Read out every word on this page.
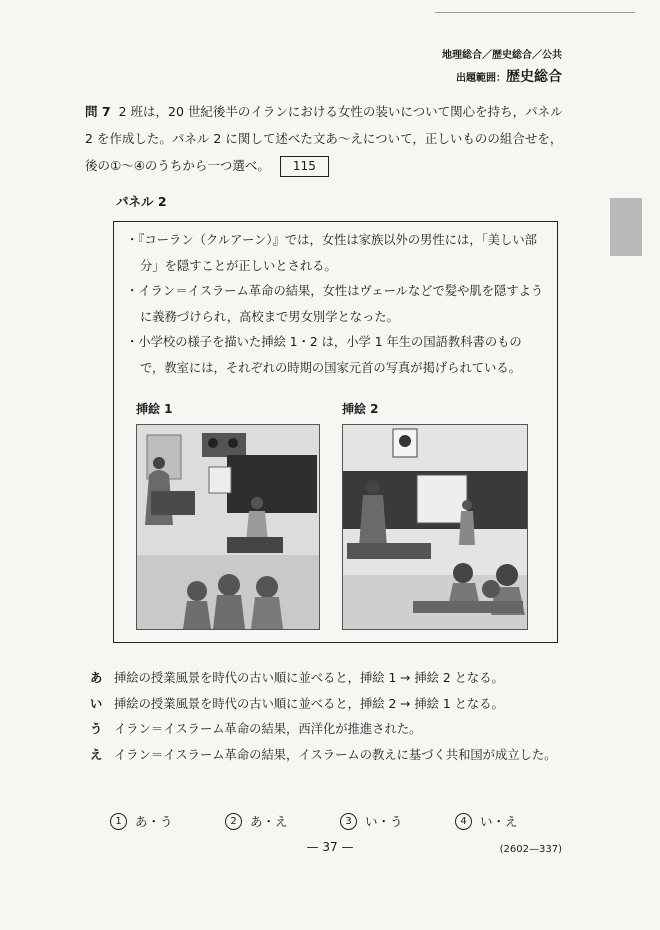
地理総合／歴史総合／公共
出題範囲：歴史総合
問 7 2 班は，20 世紀後半のイランにおける女性の装いについて関心を持ち，パネル 2 を作成した。パネル 2 に関して述べた文あ～えについて，正しいものの組合せを，後の①～④のうちから一つ選べ。 115
パネル 2
・『コーラン（クルアーン）』では，女性は家族以外の男性には，「美しい部分」を隠すことが正しいとされる。
・イラン＝イスラーム革命の結果，女性はヴェールなどで髪や肌を隠すように義務づけられ，高校まで男女別学となった。
・小学校の様子を描いた挿絵 1・2 は，小学 1 年生の国語教科書のもので，教室には，それぞれの時期の国家元首の写真が掲げられている。
挿絵 1	挿絵 2
あ 挿絵の授業風景を時代の古い順に並べると，挿絵 1 → 挿絵 2 となる。
い 挿絵の授業風景を時代の古い順に並べると，挿絵 2 → 挿絵 1 となる。
う イラン＝イスラーム革命の結果，西洋化が推進された。
え イラン＝イスラーム革命の結果，イスラームの教えに基づく共和国が成立した。
1	あ・う	2	あ・え	3	い・う	4	い・え
— 37 —	(2602—337)
